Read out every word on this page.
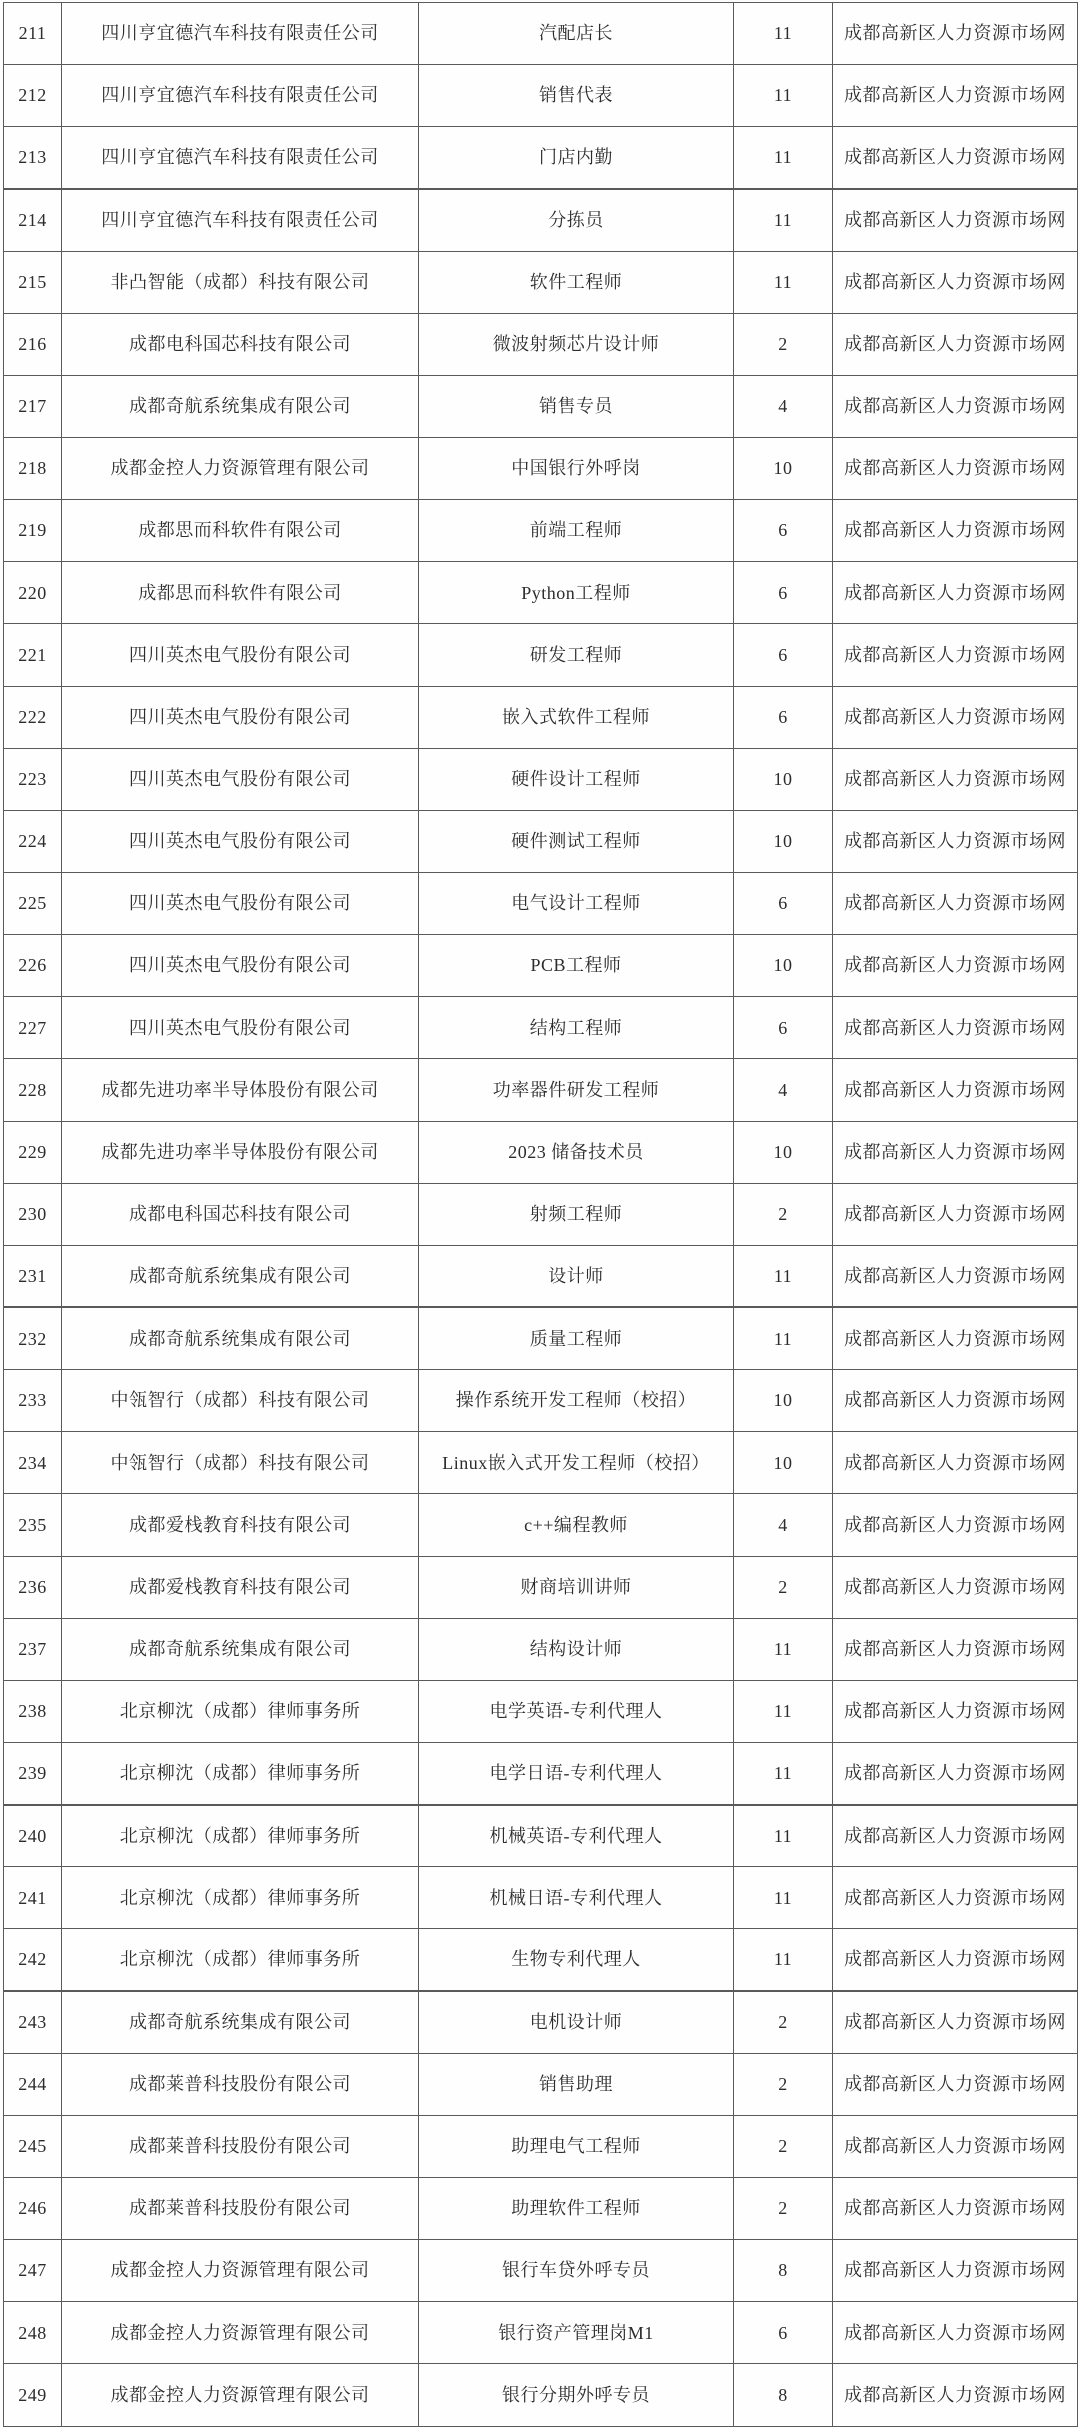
211	四川亨宜德汽车科技有限责任公司	汽配店长	11	成都高新区人力资源市场网
212	四川亨宜德汽车科技有限责任公司	销售代表	11	成都高新区人力资源市场网
213	四川亨宜德汽车科技有限责任公司	门店内勤	11	成都高新区人力资源市场网
214	四川亨宜德汽车科技有限责任公司	分拣员	11	成都高新区人力资源市场网
215	非凸智能（成都）科技有限公司	软件工程师	11	成都高新区人力资源市场网
216	成都电科国芯科技有限公司	微波射频芯片设计师	2	成都高新区人力资源市场网
217	成都奇航系统集成有限公司	销售专员	4	成都高新区人力资源市场网
218	成都金控人力资源管理有限公司	中国银行外呼岗	10	成都高新区人力资源市场网
219	成都思而科软件有限公司	前端工程师	6	成都高新区人力资源市场网
220	成都思而科软件有限公司	Python工程师	6	成都高新区人力资源市场网
221	四川英杰电气股份有限公司	研发工程师	6	成都高新区人力资源市场网
222	四川英杰电气股份有限公司	嵌入式软件工程师	6	成都高新区人力资源市场网
223	四川英杰电气股份有限公司	硬件设计工程师	10	成都高新区人力资源市场网
224	四川英杰电气股份有限公司	硬件测试工程师	10	成都高新区人力资源市场网
225	四川英杰电气股份有限公司	电气设计工程师	6	成都高新区人力资源市场网
226	四川英杰电气股份有限公司	PCB工程师	10	成都高新区人力资源市场网
227	四川英杰电气股份有限公司	结构工程师	6	成都高新区人力资源市场网
228	成都先进功率半导体股份有限公司	功率器件研发工程师	4	成都高新区人力资源市场网
229	成都先进功率半导体股份有限公司	2023 储备技术员	10	成都高新区人力资源市场网
230	成都电科国芯科技有限公司	射频工程师	2	成都高新区人力资源市场网
231	成都奇航系统集成有限公司	设计师	11	成都高新区人力资源市场网
232	成都奇航系统集成有限公司	质量工程师	11	成都高新区人力资源市场网
233	中瓴智行（成都）科技有限公司	操作系统开发工程师（校招）	10	成都高新区人力资源市场网
234	中瓴智行（成都）科技有限公司	Linux嵌入式开发工程师（校招）	10	成都高新区人力资源市场网
235	成都爱栈教育科技有限公司	c++编程教师	4	成都高新区人力资源市场网
236	成都爱栈教育科技有限公司	财商培训讲师	2	成都高新区人力资源市场网
237	成都奇航系统集成有限公司	结构设计师	11	成都高新区人力资源市场网
238	北京柳沈（成都）律师事务所	电学英语-专利代理人	11	成都高新区人力资源市场网
239	北京柳沈（成都）律师事务所	电学日语-专利代理人	11	成都高新区人力资源市场网
240	北京柳沈（成都）律师事务所	机械英语-专利代理人	11	成都高新区人力资源市场网
241	北京柳沈（成都）律师事务所	机械日语-专利代理人	11	成都高新区人力资源市场网
242	北京柳沈（成都）律师事务所	生物专利代理人	11	成都高新区人力资源市场网
243	成都奇航系统集成有限公司	电机设计师	2	成都高新区人力资源市场网
244	成都莱普科技股份有限公司	销售助理	2	成都高新区人力资源市场网
245	成都莱普科技股份有限公司	助理电气工程师	2	成都高新区人力资源市场网
246	成都莱普科技股份有限公司	助理软件工程师	2	成都高新区人力资源市场网
247	成都金控人力资源管理有限公司	银行车贷外呼专员	8	成都高新区人力资源市场网
248	成都金控人力资源管理有限公司	银行资产管理岗M1	6	成都高新区人力资源市场网
249	成都金控人力资源管理有限公司	银行分期外呼专员	8	成都高新区人力资源市场网
